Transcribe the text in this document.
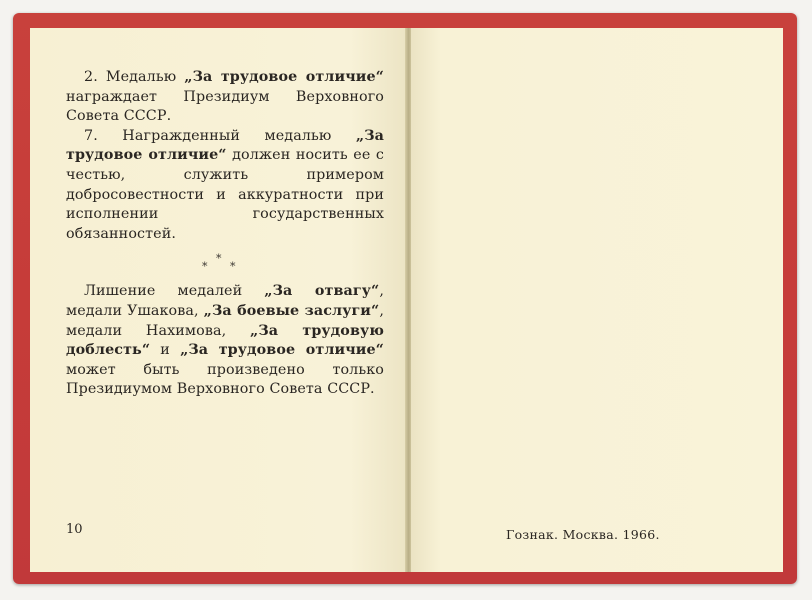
2. Медалью „За трудовое отличие“ награждает Президиум Верховного Совета СССР.

7. Награжденный медалью „За трудовое отличие“ должен носить ее с честью, служить примером добросовестности и аккуратности при исполнении государственных обязанностей.

*
*
*

Лишение медалей „За отвагу“, медали Ушакова, „За боевые заслуги“, медали Нахимова, „За трудовую доблесть“ и „За трудовое отличие“ может быть произведено только Президиумом Верховного Совета СССР.

10	Гознак. Москва. 1966.
